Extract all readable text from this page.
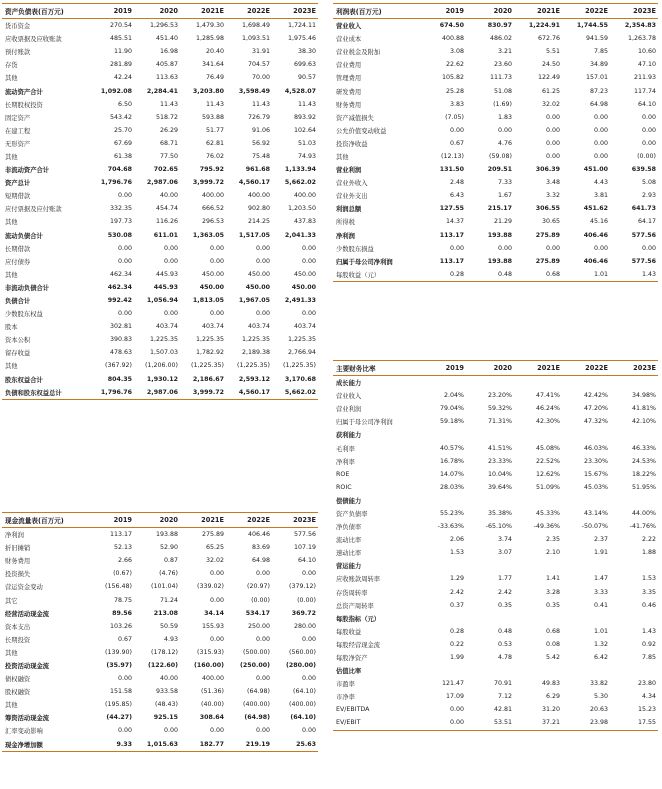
资产负债表(百万元)	2019	2020	2021E	2022E	2023E
货币资金	270.54	1,296.53	1,479.30	1,698.49	1,724.11
应收票据及应收账款	485.51	451.40	1,285.98	1,093.51	1,975.46
预付账款	11.90	16.98	20.40	31.91	38.30
存货	281.89	405.87	341.64	704.57	699.63
其他	42.24	113.63	76.49	70.00	90.57
流动资产合计	1,092.08	2,284.41	3,203.80	3,598.49	4,528.07
长期股权投资	6.50	11.43	11.43	11.43	11.43
固定资产	543.42	518.72	593.88	726.79	893.92
在建工程	25.70	26.29	51.77	91.06	102.64
无形资产	67.69	68.71	62.81	56.92	51.03
其他	61.38	77.50	76.02	75.48	74.93
非流动资产合计	704.68	702.65	795.92	961.68	1,133.94
资产总计	1,796.76	2,987.06	3,999.72	4,560.17	5,662.02
短期借款	0.00	40.00	400.00	400.00	400.00
应付票据及应付账款	332.35	454.74	666.52	902.80	1,203.50
其他	197.73	116.26	296.53	214.25	437.83
流动负债合计	530.08	611.01	1,363.05	1,517.05	2,041.33
长期借款	0.00	0.00	0.00	0.00	0.00
应付债券	0.00	0.00	0.00	0.00	0.00
其他	462.34	445.93	450.00	450.00	450.00
非流动负债合计	462.34	445.93	450.00	450.00	450.00
负债合计	992.42	1,056.94	1,813.05	1,967.05	2,491.33
少数股东权益	0.00	0.00	0.00	0.00	0.00
股本	302.81	403.74	403.74	403.74	403.74
资本公积	390.83	1,225.35	1,225.35	1,225.35	1,225.35
留存收益	478.63	1,507.03	1,782.92	2,189.38	2,766.94
其他	(367.92)	(1,206.00)	(1,225.35)	(1,225.35)	(1,225.35)
股东权益合计	804.35	1,930.12	2,186.67	2,593.12	3,170.68
负债和股东权益总计	1,796.76	2,987.06	3,999.72	4,560.17	5,662.02
利润表(百万元)	2019	2020	2021E	2022E	2023E
营业收入	674.50	830.97	1,224.91	1,744.55	2,354.83
营业成本	400.88	486.02	672.76	941.59	1,263.78
营业税金及附加	3.08	3.21	5.51	7.85	10.60
营业费用	22.62	23.60	24.50	34.89	47.10
管理费用	105.82	111.73	122.49	157.01	211.93
研发费用	25.28	51.08	61.25	87.23	117.74
财务费用	3.83	(1.69)	32.02	64.98	64.10
资产减值损失	(7.05)	1.83	0.00	0.00	0.00
公允价值变动收益	0.00	0.00	0.00	0.00	0.00
投资净收益	0.67	4.76	0.00	0.00	0.00
其他	(12.13)	(59.08)	0.00	0.00	(0.00)
营业利润	131.50	209.51	306.39	451.00	639.58
营业外收入	2.48	7.33	3.48	4.43	5.08
营业外支出	6.43	1.67	3.32	3.81	2.93
利润总额	127.55	215.17	306.55	451.62	641.73
所得税	14.37	21.29	30.65	45.16	64.17
净利润	113.17	193.88	275.89	406.46	577.56
少数股东损益	0.00	0.00	0.00	0.00	0.00
归属于母公司净利润	113.17	193.88	275.89	406.46	577.56
每股收益（元）	0.28	0.48	0.68	1.01	1.43
现金流量表(百万元)	2019	2020	2021E	2022E	2023E
净利润	113.17	193.88	275.89	406.46	577.56
折旧摊销	52.13	52.90	65.25	83.69	107.19
财务费用	2.66	0.87	32.02	64.98	64.10
投资损失	(0.67)	(4.76)	0.00	0.00	0.00
营运资金变动	(156.48)	(101.04)	(339.02)	(20.97)	(379.12)
其它	78.75	71.24	0.00	(0.00)	(0.00)
经营活动现金流	89.56	213.08	34.14	534.17	369.72
资本支出	103.26	50.59	155.93	250.00	280.00
长期投资	0.67	4.93	0.00	0.00	0.00
其他	(139.90)	(178.12)	(315.93)	(500.00)	(560.00)
投资活动现金流	(35.97)	(122.60)	(160.00)	(250.00)	(280.00)
债权融资	0.00	40.00	400.00	0.00	0.00
股权融资	151.58	933.58	(51.36)	(64.98)	(64.10)
其他	(195.85)	(48.43)	(40.00)	(400.00)	(400.00)
筹资活动现金流	(44.27)	925.15	308.64	(64.98)	(64.10)
汇率变动影响	0.00	0.00	0.00	0.00	0.00
现金净增加额	9.33	1,015.63	182.77	219.19	25.63
主要财务比率	2019	2020	2021E	2022E	2023E
成长能力					
营业收入	2.04%	23.20%	47.41%	42.42%	34.98%
营业利润	79.04%	59.32%	46.24%	47.20%	41.81%
归属于母公司净利润	59.18%	71.31%	42.30%	47.32%	42.10%
获利能力					
毛利率	40.57%	41.51%	45.08%	46.03%	46.33%
净利率	16.78%	23.33%	22.52%	23.30%	24.53%
ROE	14.07%	10.04%	12.62%	15.67%	18.22%
ROIC	28.03%	39.64%	51.09%	45.03%	51.95%
偿债能力					
资产负债率	55.23%	35.38%	45.33%	43.14%	44.00%
净负债率	-33.63%	-65.10%	-49.36%	-50.07%	-41.76%
流动比率	2.06	3.74	2.35	2.37	2.22
速动比率	1.53	3.07	2.10	1.91	1.88
营运能力					
应收账款周转率	1.29	1.77	1.41	1.47	1.53
存货周转率	2.42	2.42	3.28	3.33	3.35
总资产周转率	0.37	0.35	0.35	0.41	0.46
每股指标（元）					
每股收益	0.28	0.48	0.68	1.01	1.43
每股经营现金流	0.22	0.53	0.08	1.32	0.92
每股净资产	1.99	4.78	5.42	6.42	7.85
估值比率					
市盈率	121.47	70.91	49.83	33.82	23.80
市净率	17.09	7.12	6.29	5.30	4.34
EV/EBITDA	0.00	42.81	31.20	20.63	15.23
EV/EBIT	0.00	53.51	37.21	23.98	17.55
